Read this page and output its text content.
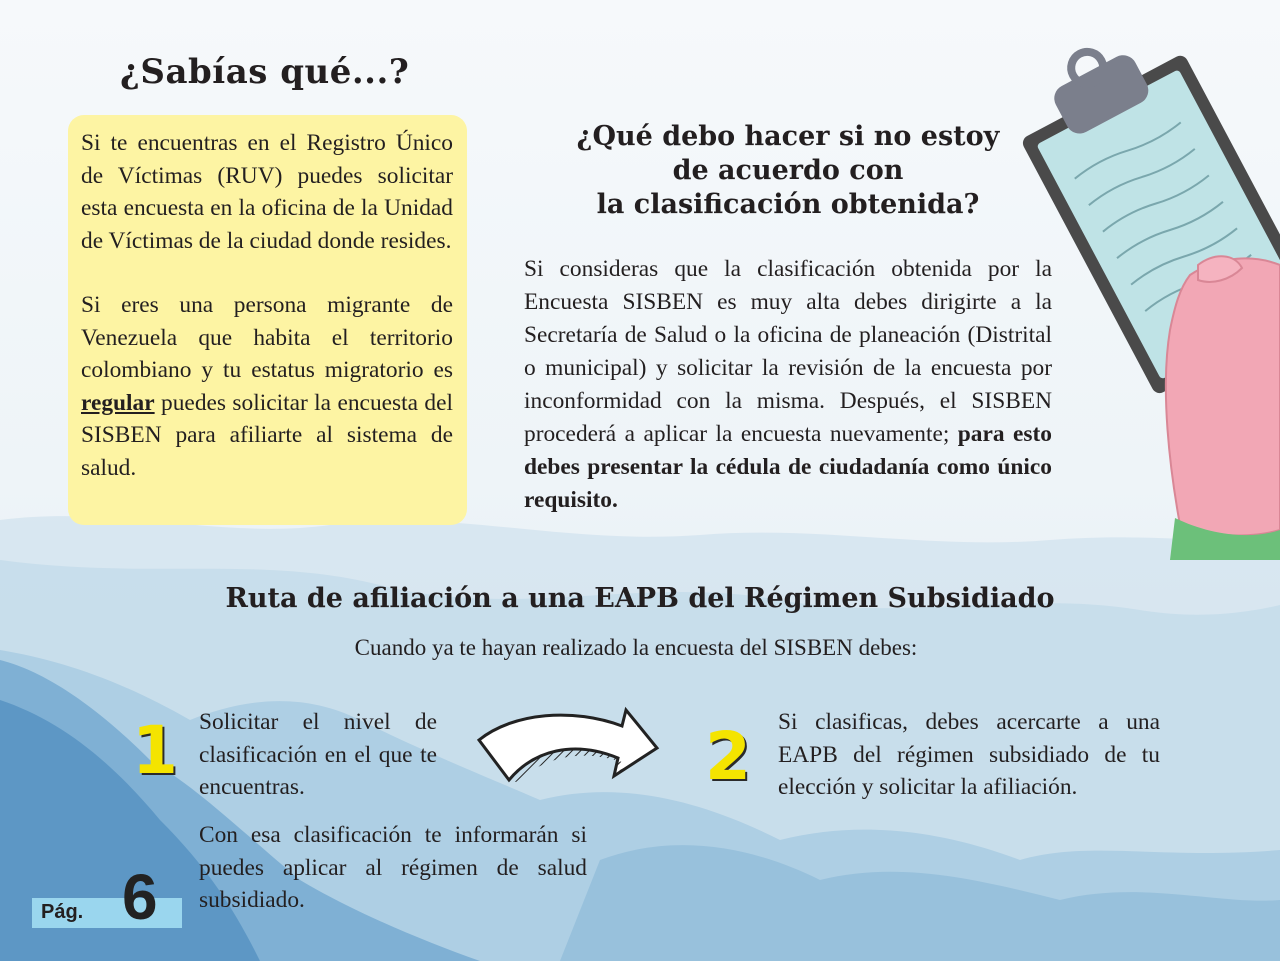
¿Sabías qué...?

Si te encuentras en el Registro Único de Víctimas (RUV) puedes solicitar esta encuesta en la oficina de la Unidad de Víctimas de la ciudad donde resides.

Si eres una persona migrante de Venezuela que habita el territorio colombiano y tu estatus migratorio es regular puedes solicitar la encuesta del SISBEN para afiliarte al sistema de salud.

¿Qué debo hacer si no estoy
de acuerdo con
la clasificación obtenida?

Si consideras que la clasificación obtenida por la Encuesta SISBEN es muy alta debes dirigirte a la Secretaría de Salud o la oficina de planeación (Distrital o municipal) y solicitar la revisión de la encuesta por inconformidad con la misma. Después, el SISBEN procederá a aplicar la encuesta nuevamente; para esto debes presentar la cédula de ciudadanía como único requisito.

Ruta de afiliación a una EAPB del Régimen Subsidiado

Cuando ya te hayan realizado la encuesta del SISBEN debes:

1 Solicitar el nivel de clasificación en el que te encuentras.

Con esa clasificación te informarán si puedes aplicar al régimen de salud subsidiado.

2 Si clasificas, debes acercarte a una EAPB del régimen subsidiado de tu elección y solicitar la afiliación.

Pág. 6
